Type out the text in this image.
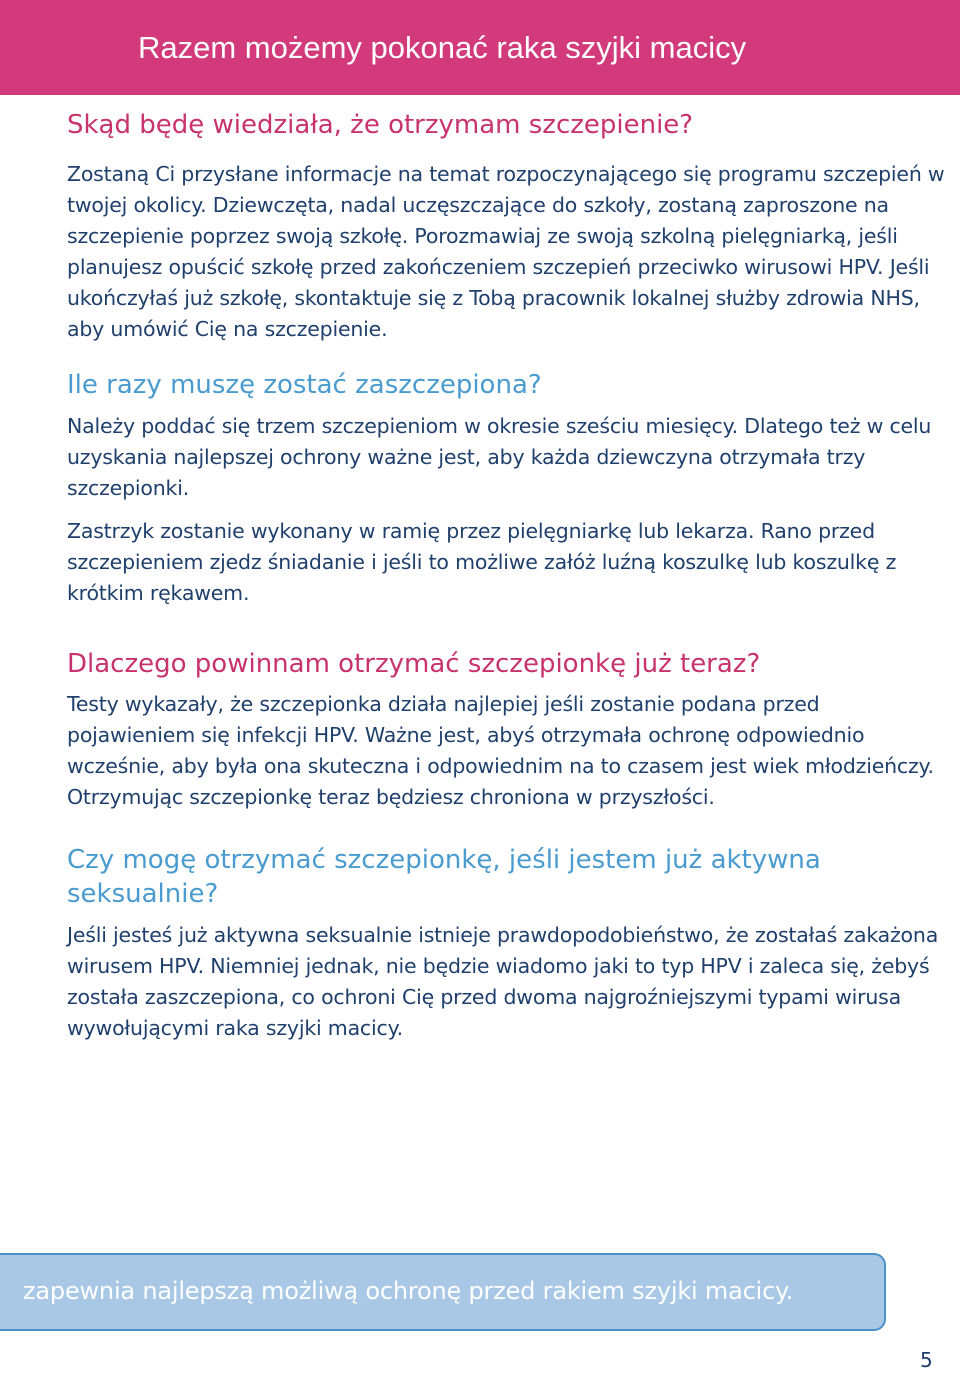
Razem możemy pokonać raka szyjki macicy
Skąd będę wiedziała, że otrzymam szczepienie?

Zostaną Ci przysłane informacje na temat rozpoczynającego się programu szczepień w twojej okolicy. Dziewczęta, nadal uczęszczające do szkoły, zostaną zaproszone na szczepienie poprzez swoją szkołę. Porozmawiaj ze swoją szkolną pielęgniarką, jeśli planujesz opuścić szkołę przed zakończeniem szczepień przeciwko wirusowi HPV. Jeśli ukończyłaś już szkołę, skontaktuje się z Tobą pracownik lokalnej służby zdrowia NHS, aby umówić Cię na szczepienie.

Ile razy muszę zostać zaszczepiona?

Należy poddać się trzem szczepieniom w okresie sześciu miesięcy. Dlatego też w celu uzyskania najlepszej ochrony ważne jest, aby każda dziewczyna otrzymała trzy szczepionki.

Zastrzyk zostanie wykonany w ramię przez pielęgniarkę lub lekarza. Rano przed szczepieniem zjedz śniadanie i jeśli to możliwe załóż luźną koszulkę lub koszulkę z krótkim rękawem.

Dlaczego powinnam otrzymać szczepionkę już teraz?

Testy wykazały, że szczepionka działa najlepiej jeśli zostanie podana przed pojawieniem się infekcji HPV. Ważne jest, abyś otrzymała ochronę odpowiednio wcześnie, aby była ona skuteczna i odpowiednim na to czasem jest wiek młodzieńczy. Otrzymując szczepionkę teraz będziesz chroniona w przyszłości.

Czy mogę otrzymać szczepionkę, jeśli jestem już aktywna seksualnie?

Jeśli jesteś już aktywna seksualnie istnieje prawdopodobieństwo, że zostałaś zakażona wirusem HPV. Niemniej jednak, nie będzie wiadomo jaki to typ HPV i zaleca się, żebyś została zaszczepiona, co ochroni Cię przed dwoma najgroźniejszymi typami wirusa wywołującymi raka szyjki macicy.

zapewnia najlepszą możliwą ochronę przed rakiem szyjki macicy.
5
